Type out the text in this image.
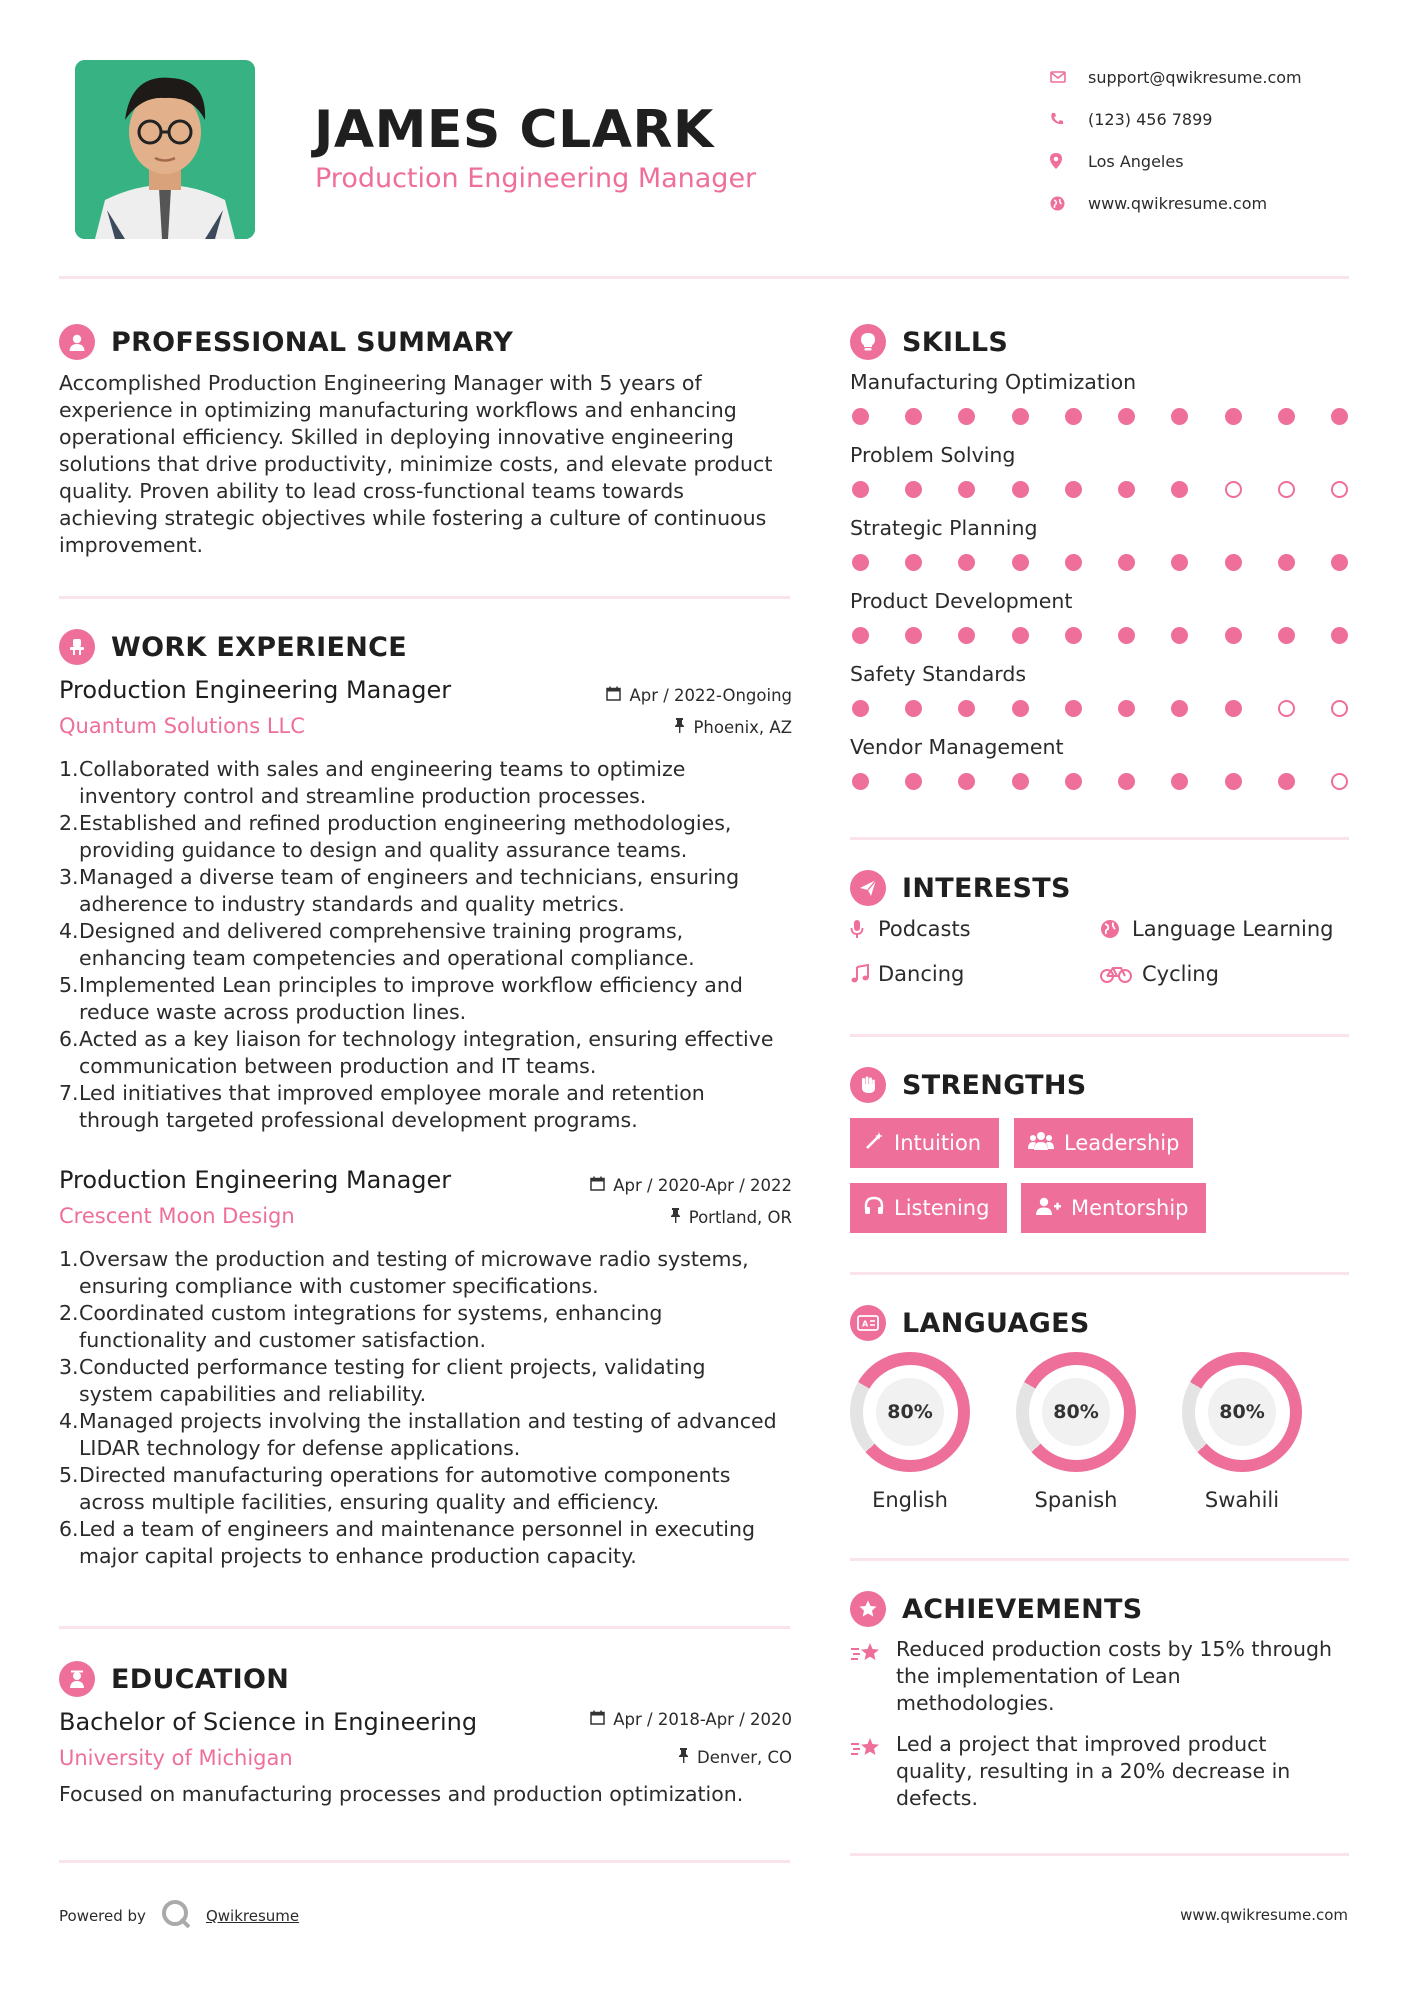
JAMES CLARK
Production Engineering Manager
support@qwikresume.com
(123) 456 7899
Los Angeles
www.qwikresume.com
PROFESSIONAL SUMMARY
Accomplished Production Engineering Manager with 5 years of
experience in optimizing manufacturing workflows and enhancing
operational efficiency. Skilled in deploying innovative engineering
solutions that drive productivity, minimize costs, and elevate product
quality. Proven ability to lead cross-functional teams towards
achieving strategic objectives while fostering a culture of continuous
improvement.
WORK EXPERIENCE
Production Engineering Manager	Apr / 2022-Ongoing
Quantum Solutions LLC	Phoenix, AZ
1. Collaborated with sales and engineering teams to optimize
inventory control and streamline production processes.
2. Established and refined production engineering methodologies,
providing guidance to design and quality assurance teams.
3. Managed a diverse team of engineers and technicians, ensuring
adherence to industry standards and quality metrics.
4. Designed and delivered comprehensive training programs,
enhancing team competencies and operational compliance.
5. Implemented Lean principles to improve workflow efficiency and
reduce waste across production lines.
6. Acted as a key liaison for technology integration, ensuring effective
communication between production and IT teams.
7. Led initiatives that improved employee morale and retention
through targeted professional development programs.
Production Engineering Manager	Apr / 2020-Apr / 2022
Crescent Moon Design	Portland, OR
1. Oversaw the production and testing of microwave radio systems,
ensuring compliance with customer specifications.
2. Coordinated custom integrations for systems, enhancing
functionality and customer satisfaction.
3. Conducted performance testing for client projects, validating
system capabilities and reliability.
4. Managed projects involving the installation and testing of advanced
LIDAR technology for defense applications.
5. Directed manufacturing operations for automotive components
across multiple facilities, ensuring quality and efficiency.
6. Led a team of engineers and maintenance personnel in executing
major capital projects to enhance production capacity.
EDUCATION
Bachelor of Science in Engineering	Apr / 2018-Apr / 2020
University of Michigan	Denver, CO
Focused on manufacturing processes and production optimization.
SKILLS
Manufacturing Optimization
Problem Solving
Strategic Planning
Product Development
Safety Standards
Vendor Management
INTERESTS
Podcasts	Language Learning
Dancing	Cycling
STRENGTHS
Intuition	Leadership
Listening	Mentorship
A LANGUAGES
80%
English
80%
Spanish
80%
Swahili
ACHIEVEMENTS
Reduced production costs by 15% through
the implementation of Lean
methodologies.
Led a project that improved product
quality, resulting in a 20% decrease in
defects.
Powered by	Qwikresume	www.qwikresume.com
